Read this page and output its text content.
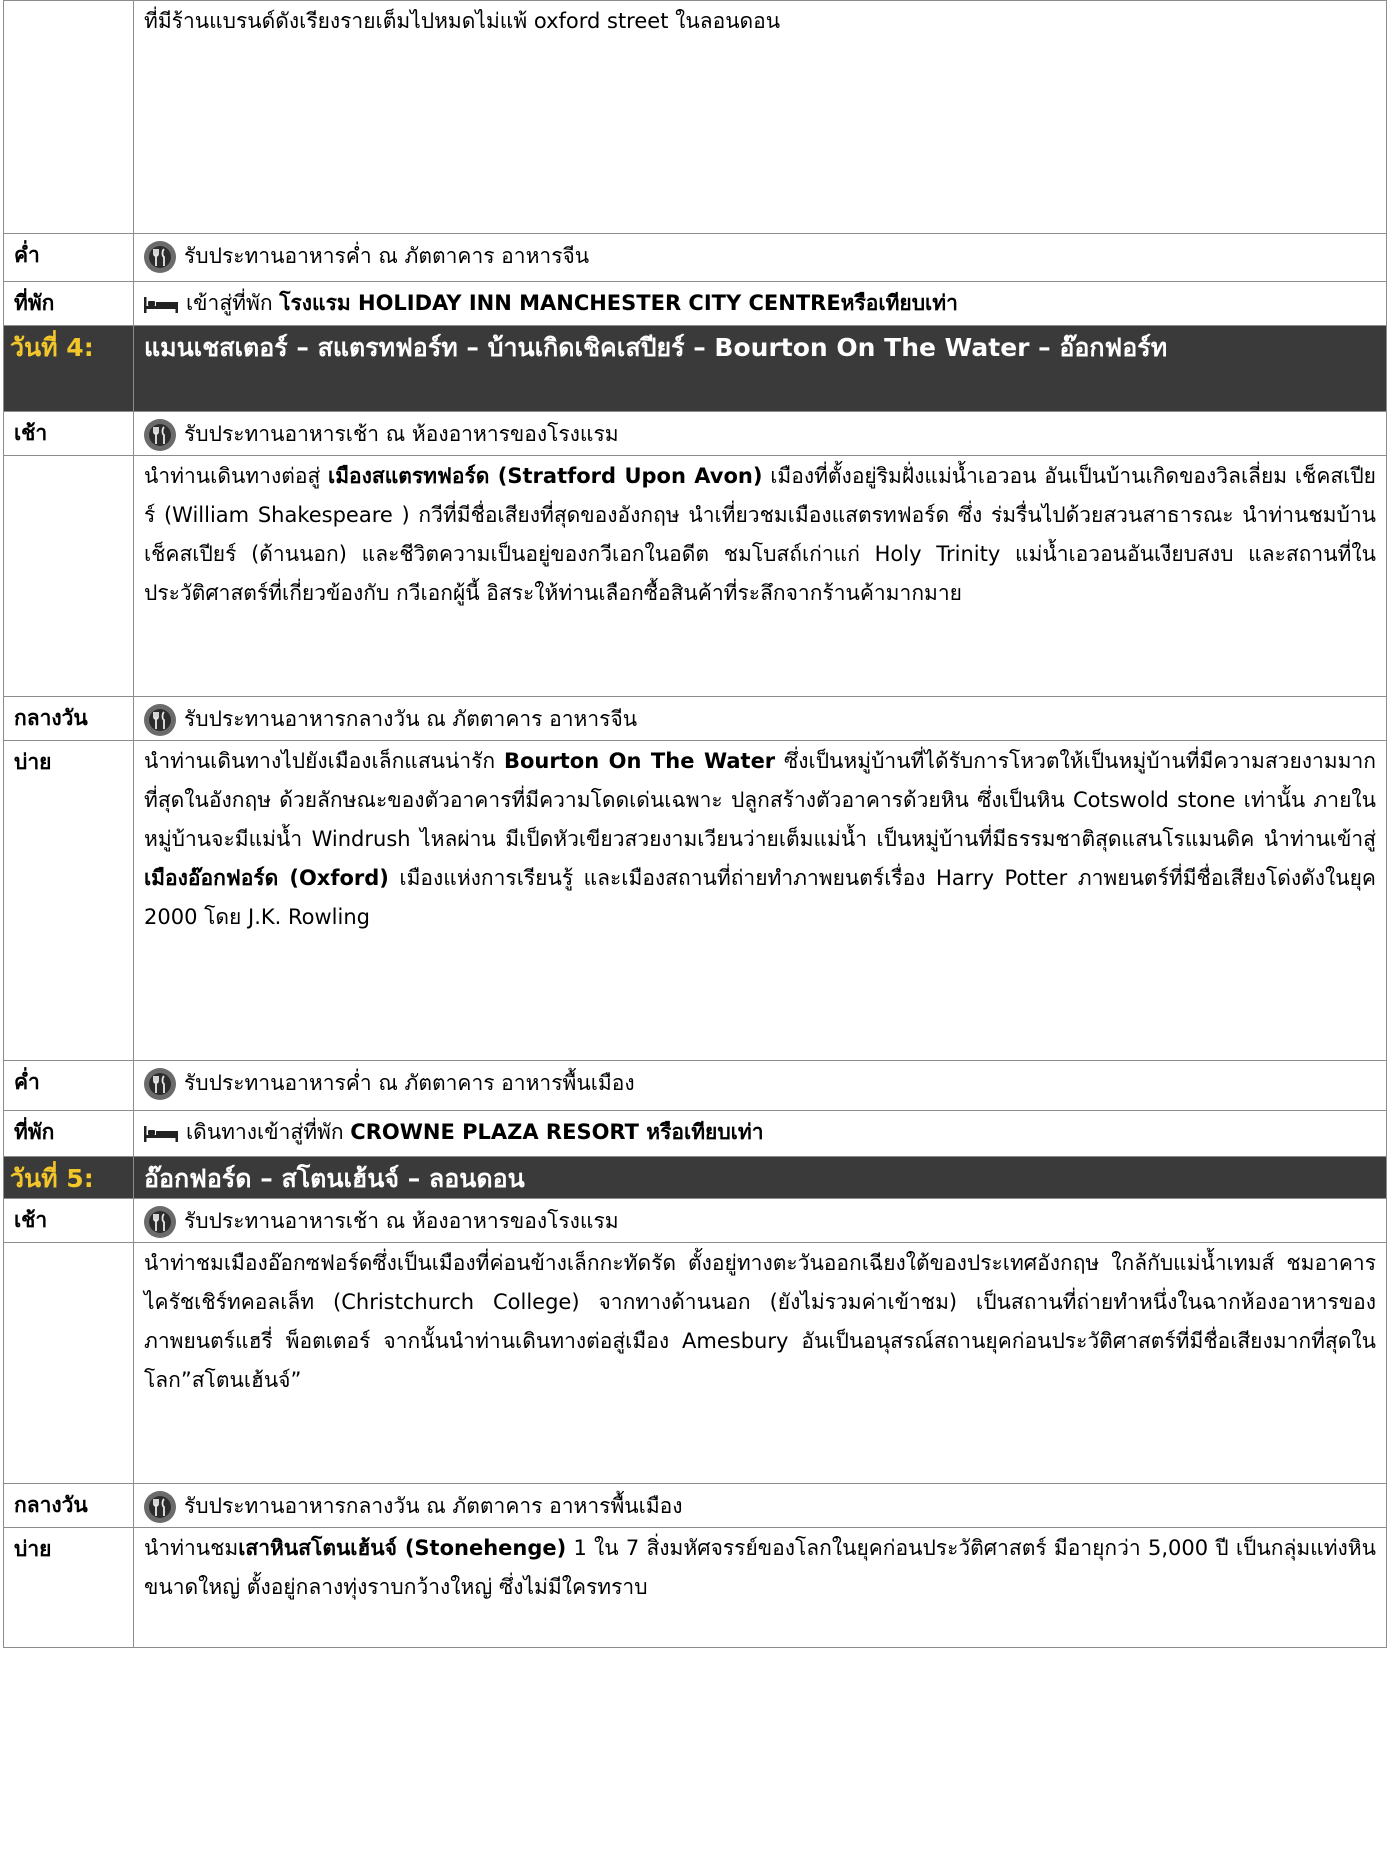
	ที่มีร้านแบรนด์ดังเรียงรายเต็มไปหมดไม่แพ้ oxford street ในลอนดอน
ค่ำ	รับประทานอาหารค่ำ ณ ภัตตาคาร อาหารจีน
ที่พัก	เข้าสู่ที่พัก โรงแรม HOLIDAY INN MANCHESTER CITY CENTREหรือเทียบเท่า
วันที่ 4:	แมนเชสเตอร์ – สแตรทฟอร์ท – บ้านเกิดเชิคเสปียร์ – Bourton On The Water – อ๊อกฟอร์ท
เช้า	รับประทานอาหารเช้า ณ ห้องอาหารของโรงแรม
	นำท่านเดินทางต่อสู่ เมืองสแตรทฟอร์ด (Stratford Upon Avon) เมืองที่ตั้งอยู่ริมฝั่งแม่น้ำเอวอน อันเป็นบ้านเกิดของวิลเลี่ยม เช็คสเปียร์ (William Shakespeare ) กวีที่มีชื่อเสียงที่สุดของอังกฤษ นำเที่ยวชมเมืองแสตรทฟอร์ด ซึ่ง ร่มรื่นไปด้วยสวนสาธารณะ นำท่านชมบ้านเช็คสเปียร์ (ด้านนอก) และชีวิตความเป็นอยู่ของกวีเอกในอดีต ชมโบสถ์เก่าแก่ Holy Trinity แม่น้ำเอวอนอันเงียบสงบ และสถานที่ในประวัติศาสตร์ที่เกี่ยวข้องกับ กวีเอกผู้นี้ อิสระให้ท่านเลือกซื้อสินค้าที่ระลึกจากร้านค้ามากมาย
กลางวัน	รับประทานอาหารกลางวัน ณ ภัตตาคาร อาหารจีน
บ่าย	นำท่านเดินทางไปยังเมืองเล็กแสนน่ารัก Bourton On The Water ซึ่งเป็นหมู่บ้านที่ได้รับการโหวตให้เป็นหมู่บ้านที่มีความสวยงามมากที่สุดในอังกฤษ ด้วยลักษณะของตัวอาคารที่มีความโดดเด่นเฉพาะ ปลูกสร้างตัวอาคารด้วยหิน ซึ่งเป็นหิน Cotswold stone เท่านั้น ภายในหมู่บ้านจะมีแม่น้ำ Windrush ไหลผ่าน มีเป็ดหัวเขียวสวยงามเวียนว่ายเต็มแม่น้ำ เป็นหมู่บ้านที่มีธรรมชาติสุดแสนโรแมนดิค นำท่านเข้าสู่เมืองอ๊อกฟอร์ด (Oxford) เมืองแห่งการเรียนรู้ และเมืองสถานที่ถ่ายทำภาพยนตร์เรื่อง Harry Potter ภาพยนตร์ที่มีชื่อเสียงโด่งดังในยุค 2000 โดย J.K. Rowling
ค่ำ	รับประทานอาหารค่ำ ณ ภัตตาคาร อาหารพื้นเมือง
ที่พัก	เดินทางเข้าสู่ที่พัก CROWNE PLAZA RESORT หรือเทียบเท่า
วันที่ 5:	อ๊อกฟอร์ด – สโตนเฮ้นจ์ – ลอนดอน
เช้า	รับประทานอาหารเช้า ณ ห้องอาหารของโรงแรม
	นำท่าชมเมืองอ๊อกซฟอร์ดซึ่งเป็นเมืองที่ค่อนข้างเล็กกะทัดรัด ตั้งอยู่ทางตะวันออกเฉียงใต้ของประเทศอังกฤษ ใกล้กับแม่น้ำเทมส์ ชมอาคารไครัชเชิร์ทคอลเล็ท (Christchurch College) จากทางด้านนอก (ยังไม่รวมค่าเข้าชม) เป็นสถานที่ถ่ายทำหนึ่งในฉากห้องอาหารของภาพยนตร์แฮรี่ พ็อตเตอร์ จากนั้นนำท่านเดินทางต่อสู่เมือง Amesbury อันเป็นอนุสรณ์สถานยุคก่อนประวัติศาสตร์ที่มีชื่อเสียงมากที่สุดในโลก”สโตนเฮ้นจ์”
กลางวัน	รับประทานอาหารกลางวัน ณ ภัตตาคาร อาหารพื้นเมือง
บ่าย	นำท่านชมเสาหินสโตนเฮ้นจ์ (Stonehenge) 1 ใน 7 สิ่งมหัศจรรย์ของโลกในยุคก่อนประวัติศาสตร์ มีอายุกว่า 5,000 ปี เป็นกลุ่มแท่งหินขนาดใหญ่ ตั้งอยู่กลางทุ่งราบกว้างใหญ่ ซึ่งไม่มีใครทราบ
